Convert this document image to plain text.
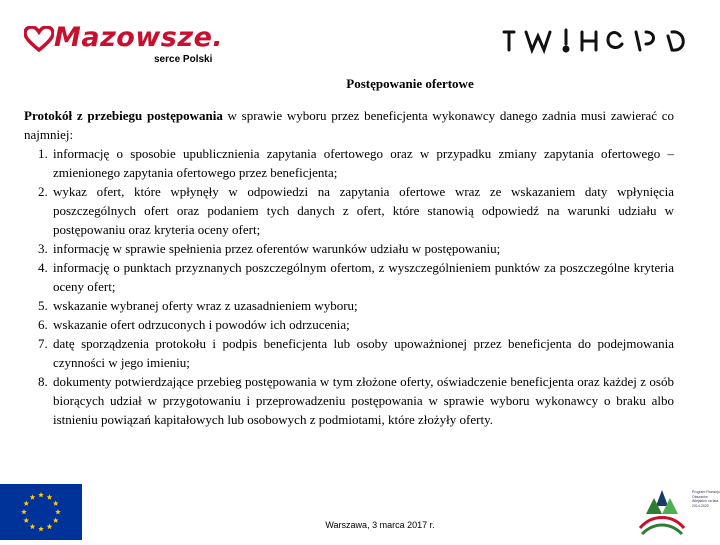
Mazowsze.
serce Polski
Postępowanie ofertowe

Protokół z przebiegu postępowania w sprawie wyboru przez beneficjenta wykonawcy danego zadnia musi zawierać co najmniej:

1. informację o sposobie upublicznienia zapytania ofertowego oraz w przypadku zmiany zapytania ofertowego – zmienionego zapytania ofertowego przez beneficjenta;
2. wykaz ofert, które wpłynęły w odpowiedzi na zapytania ofertowe wraz ze wskazaniem daty wpłynięcia poszczególnych ofert oraz podaniem tych danych z ofert, które stanowią odpowiedź na warunki udziału w postępowaniu oraz kryteria oceny ofert;
3. informację w sprawie spełnienia przez oferentów warunków udziału w postępowaniu;
4. informację o punktach przyznanych poszczególnym ofertom, z wyszczególnieniem punktów za poszczególne kryteria oceny ofert;
5. wskazanie wybranej oferty wraz z uzasadnieniem wyboru;
6. wskazanie ofert odrzuconych i powodów ich odrzucenia;
7. datę sporządzenia protokołu i podpis beneficjenta lub osoby upoważnionej przez beneficjenta do podejmowania czynności w jego imieniu;
8. dokumenty potwierdzające przebieg postępowania w tym złożone oferty, oświadczenie beneficjenta oraz każdej z osób biorących udział w przygotowaniu i przeprowadzeniu postępowania w sprawie wyboru wykonawcy o braku albo istnieniu powiązań kapitałowych lub osobowych z podmiotami, które złożyły oferty.
Warszawa, 3 marca 2017 r.
Program Rozwoju Obszarów Wiejskich na lata 2014-2020
